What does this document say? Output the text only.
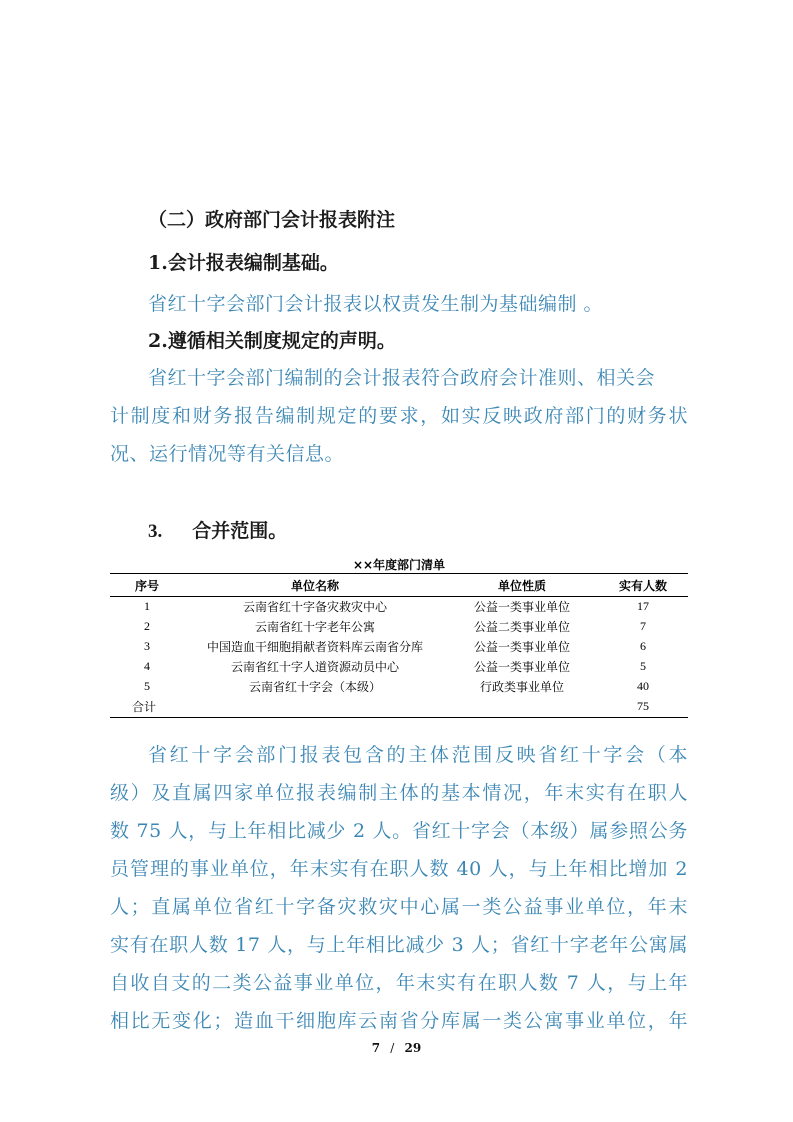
（二）政府部门会计报表附注
1.会计报表编制基础。
省红十字会部门会计报表以权责发生制为基础编制 。
2.遵循相关制度规定的声明。
省红十字会部门编制的会计报表符合政府会计准则、相关会
计制度和财务报告编制规定的要求，如实反映政府部门的财务状
况、运行情况等有关信息。
3. 合并范围。
××年度部门清单
序号	单位名称	单位性质	实有人数
1	云南省红十字备灾救灾中心	公益一类事业单位	17
2	云南省红十字老年公寓	公益二类事业单位	7
3	中国造血干细胞捐献者资料库云南省分库	公益一类事业单位	6
4	云南省红十字人道资源动员中心	公益一类事业单位	5
5	云南省红十字会（本级）	行政类事业单位	40
合计			75
省红十字会部门报表包含的主体范围反映省红十字会（本
级）及直属四家单位报表编制主体的基本情况，年末实有在职人
数 75 人，与上年相比减少 2 人。省红十字会（本级）属参照公务
员管理的事业单位，年末实有在职人数 40 人，与上年相比增加 2
人；直属单位省红十字备灾救灾中心属一类公益事业单位，年末
实有在职人数 17 人，与上年相比减少 3 人；省红十字老年公寓属
自收自支的二类公益事业单位，年末实有在职人数 7 人，与上年
相比无变化；造血干细胞库云南省分库属一类公寓事业单位，年
7 / 29
